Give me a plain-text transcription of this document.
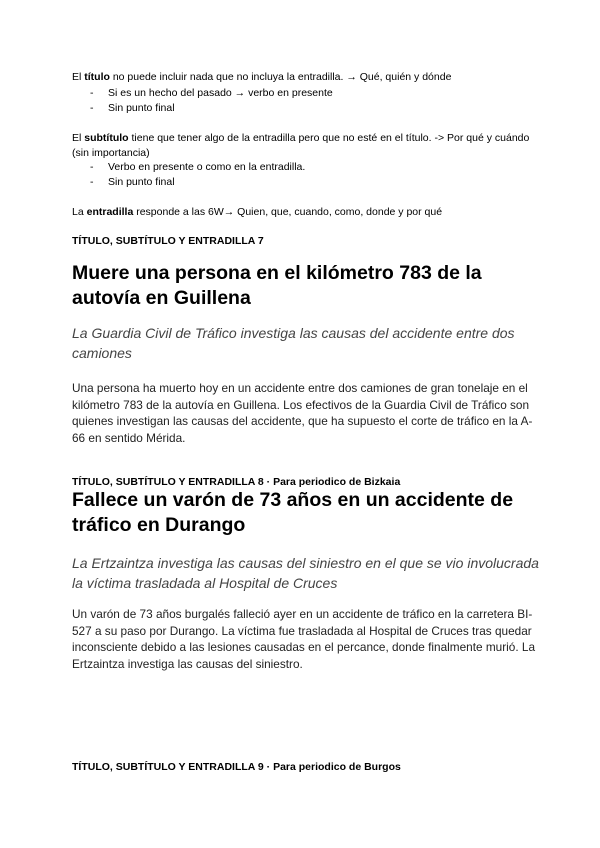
El título no puede incluir nada que no incluya la entradilla. → Qué, quién y dónde
- Si es un hecho del pasado → verbo en presente
- Sin punto final
El subtítulo tiene que tener algo de la entradilla pero que no esté en el título. -> Por qué y cuándo (sin importancia)
- Verbo en presente o como en la entradilla.
- Sin punto final
La entradilla responde a las 6W→ Quien, que, cuando, como, donde y por qué
TÍTULO, SUBTÍTULO Y ENTRADILLA 7
Muere una persona en el kilómetro 783 de la autovía en Guillena
La Guardia Civil de Tráfico investiga las causas del accidente entre dos camiones
Una persona ha muerto hoy en un accidente entre dos camiones de gran tonelaje en el kilómetro 783 de la autovía en Guillena. Los efectivos de la Guardia Civil de Tráfico son quienes investigan las causas del accidente, que ha supuesto el corte de tráfico en la A-66 en sentido Mérida.
TÍTULO, SUBTÍTULO Y ENTRADILLA 8 · Para periodico de Bizkaia
Fallece un varón de 73 años en un accidente de tráfico en Durango
La Ertzaintza investiga las causas del siniestro en el que se vio involucrada la víctima trasladada al Hospital de Cruces
Un varón de 73 años burgalés falleció ayer en un accidente de tráfico en la carretera BI-527 a su paso por Durango. La víctima fue trasladada al Hospital de Cruces tras quedar inconsciente debido a las lesiones causadas en el percance, donde finalmente murió. La Ertzaintza investiga las causas del siniestro.
TÍTULO, SUBTÍTULO Y ENTRADILLA 9 · Para periodico de Burgos
